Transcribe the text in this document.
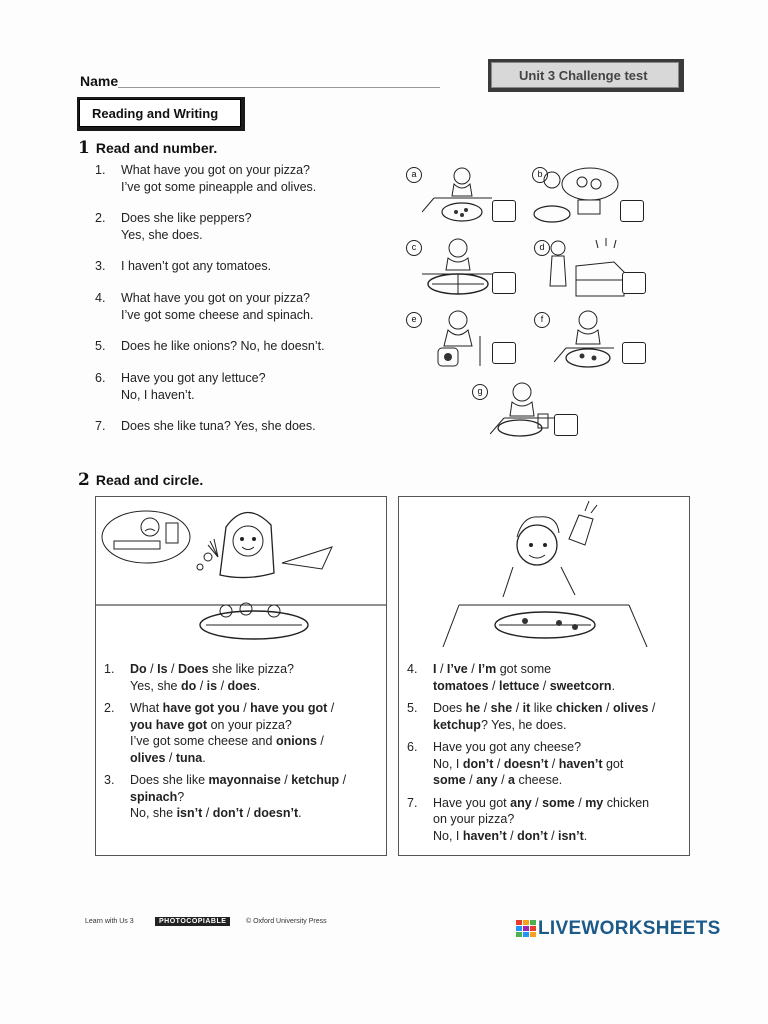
Name	Unit 3 Challenge test
Reading and Writing
1 Read and number.
1. What have you got on your pizza?
I’ve got some pineapple and olives.
2. Does she like peppers?
Yes, she does.
3. I haven’t got any tomatoes.
4. What have you got on your pizza?
I’ve got some cheese and spinach.
5. Does he like onions? No, he doesn’t.
6. Have you got any lettuce?
No, I haven’t.
7. Does she like tuna? Yes, she does.
a	b
c	d
e	f
g
2 Read and circle.
1. Do / Is / Does she like pizza?
Yes, she do / is / does.
2. What have got you / have you got /
you have got on your pizza?
I’ve got some cheese and onions /
olives / tuna.
3. Does she like mayonnaise / ketchup /
spinach?
No, she isn’t / don’t / doesn’t.
4. I / I’ve / I’m got some
tomatoes / lettuce / sweetcorn.
5. Does he / she / it like chicken / olives /
ketchup? Yes, he does.
6. Have you got any cheese?
No, I don’t / doesn’t / haven’t got
some / any / a cheese.
7. Have you got any / some / my chicken
on your pizza?
No, I haven’t / don’t / isn’t.
Learn with Us 3	PHOTOCOPIABLE	© Oxford University Press	LIVEWORKSHEETS
